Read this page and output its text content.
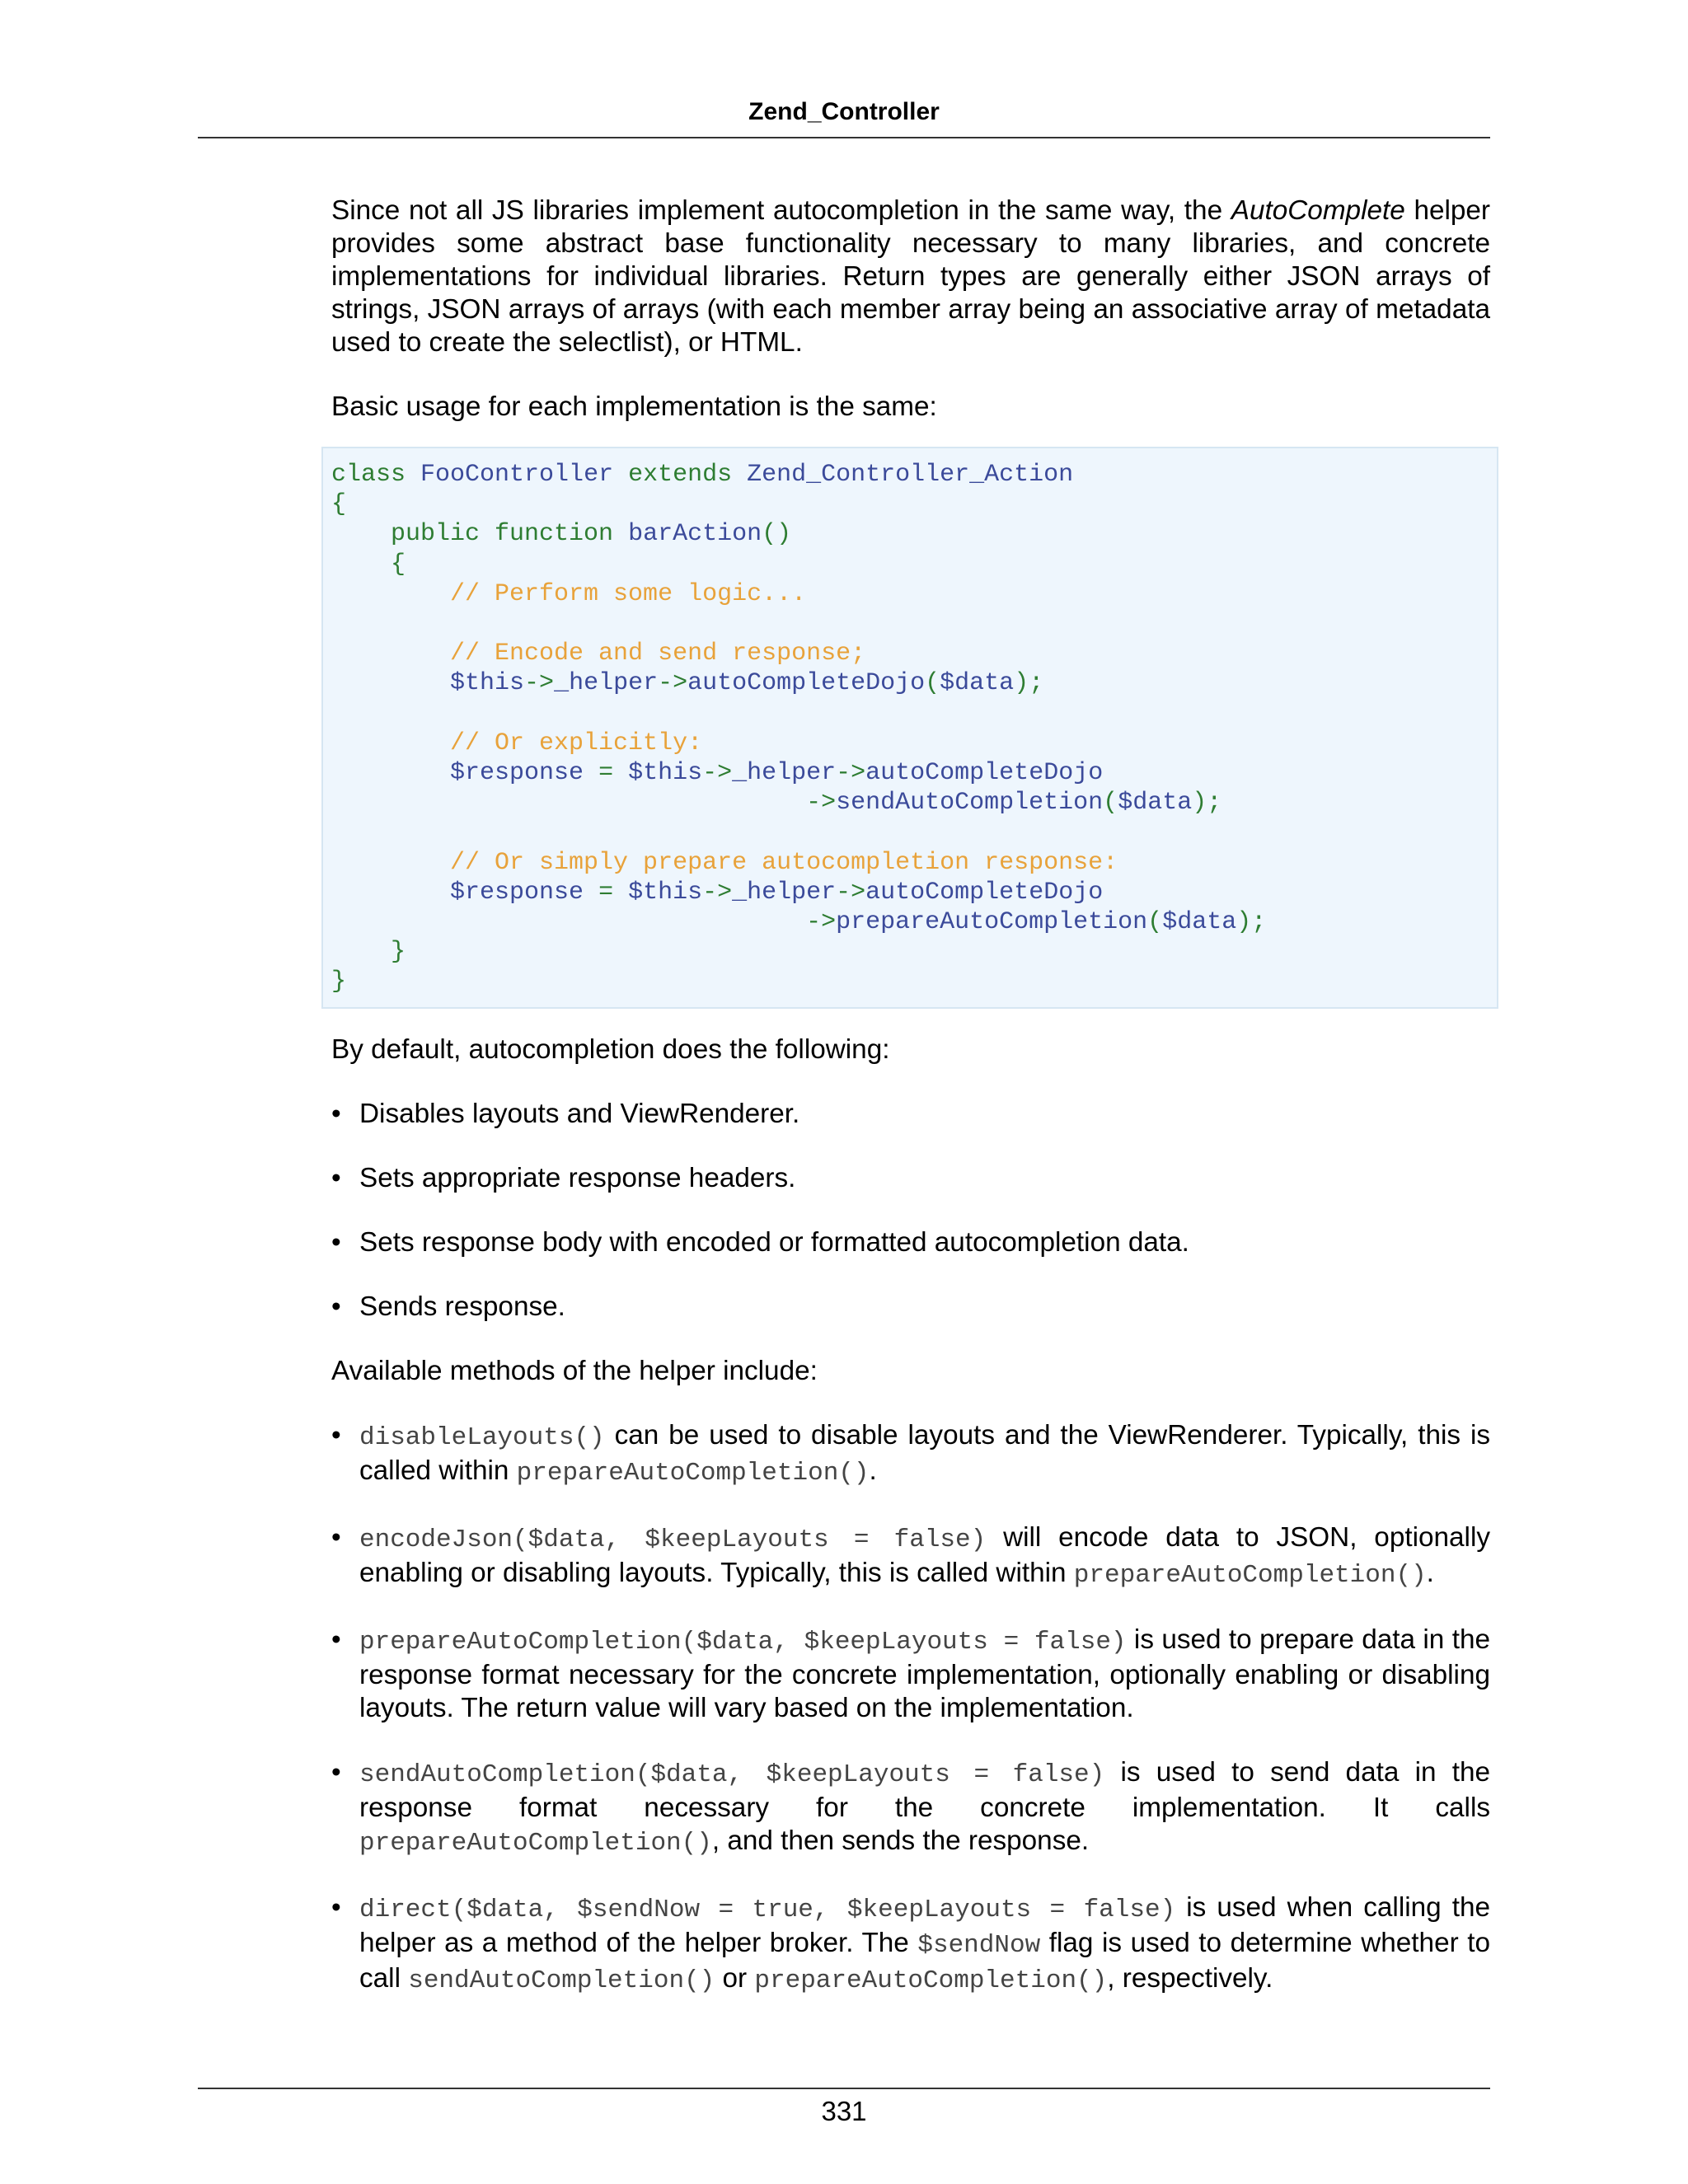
Zend_Controller

Since not all JS libraries implement autocompletion in the same way, the AutoComplete helper provides some abstract base functionality necessary to many libraries, and concrete implementations for individual libraries. Return types are generally either JSON arrays of strings, JSON arrays of arrays (with each member array being an associative array of metadata used to create the selectlist), or HTML.

Basic usage for each implementation is the same:

class FooController extends Zend_Controller_Action
{
public function barAction()
{
// Perform some logic...

// Encode and send response;
$this->_helper->autoCompleteDojo($data);

// Or explicitly:
$response = $this->_helper->autoCompleteDojo
->sendAutoCompletion($data);

// Or simply prepare autocompletion response:
$response = $this->_helper->autoCompleteDojo
->prepareAutoCompletion($data);
}
}

By default, autocompletion does the following:

• Disables layouts and ViewRenderer.
• Sets appropriate response headers.
• Sets response body with encoded or formatted autocompletion data.
• Sends response.

Available methods of the helper include:

• disableLayouts() can be used to disable layouts and the ViewRenderer. Typically, this is called within prepareAutoCompletion().
• encodeJson($data, $keepLayouts = false) will encode data to JSON, optionally enabling or disabling layouts. Typically, this is called within prepareAutoCompletion().
• prepareAutoCompletion($data, $keepLayouts = false) is used to prepare data in the response format necessary for the concrete implementation, optionally enabling or disabling layouts. The return value will vary based on the implementation.
• sendAutoCompletion($data, $keepLayouts = false) is used to send data in the response format necessary for the concrete implementation. It calls prepareAutoCompletion(), and then sends the response.
• direct($data, $sendNow = true, $keepLayouts = false) is used when calling the helper as a method of the helper broker. The $sendNow flag is used to determine whether to call sendAutoCompletion() or prepareAutoCompletion(), respectively.
331
